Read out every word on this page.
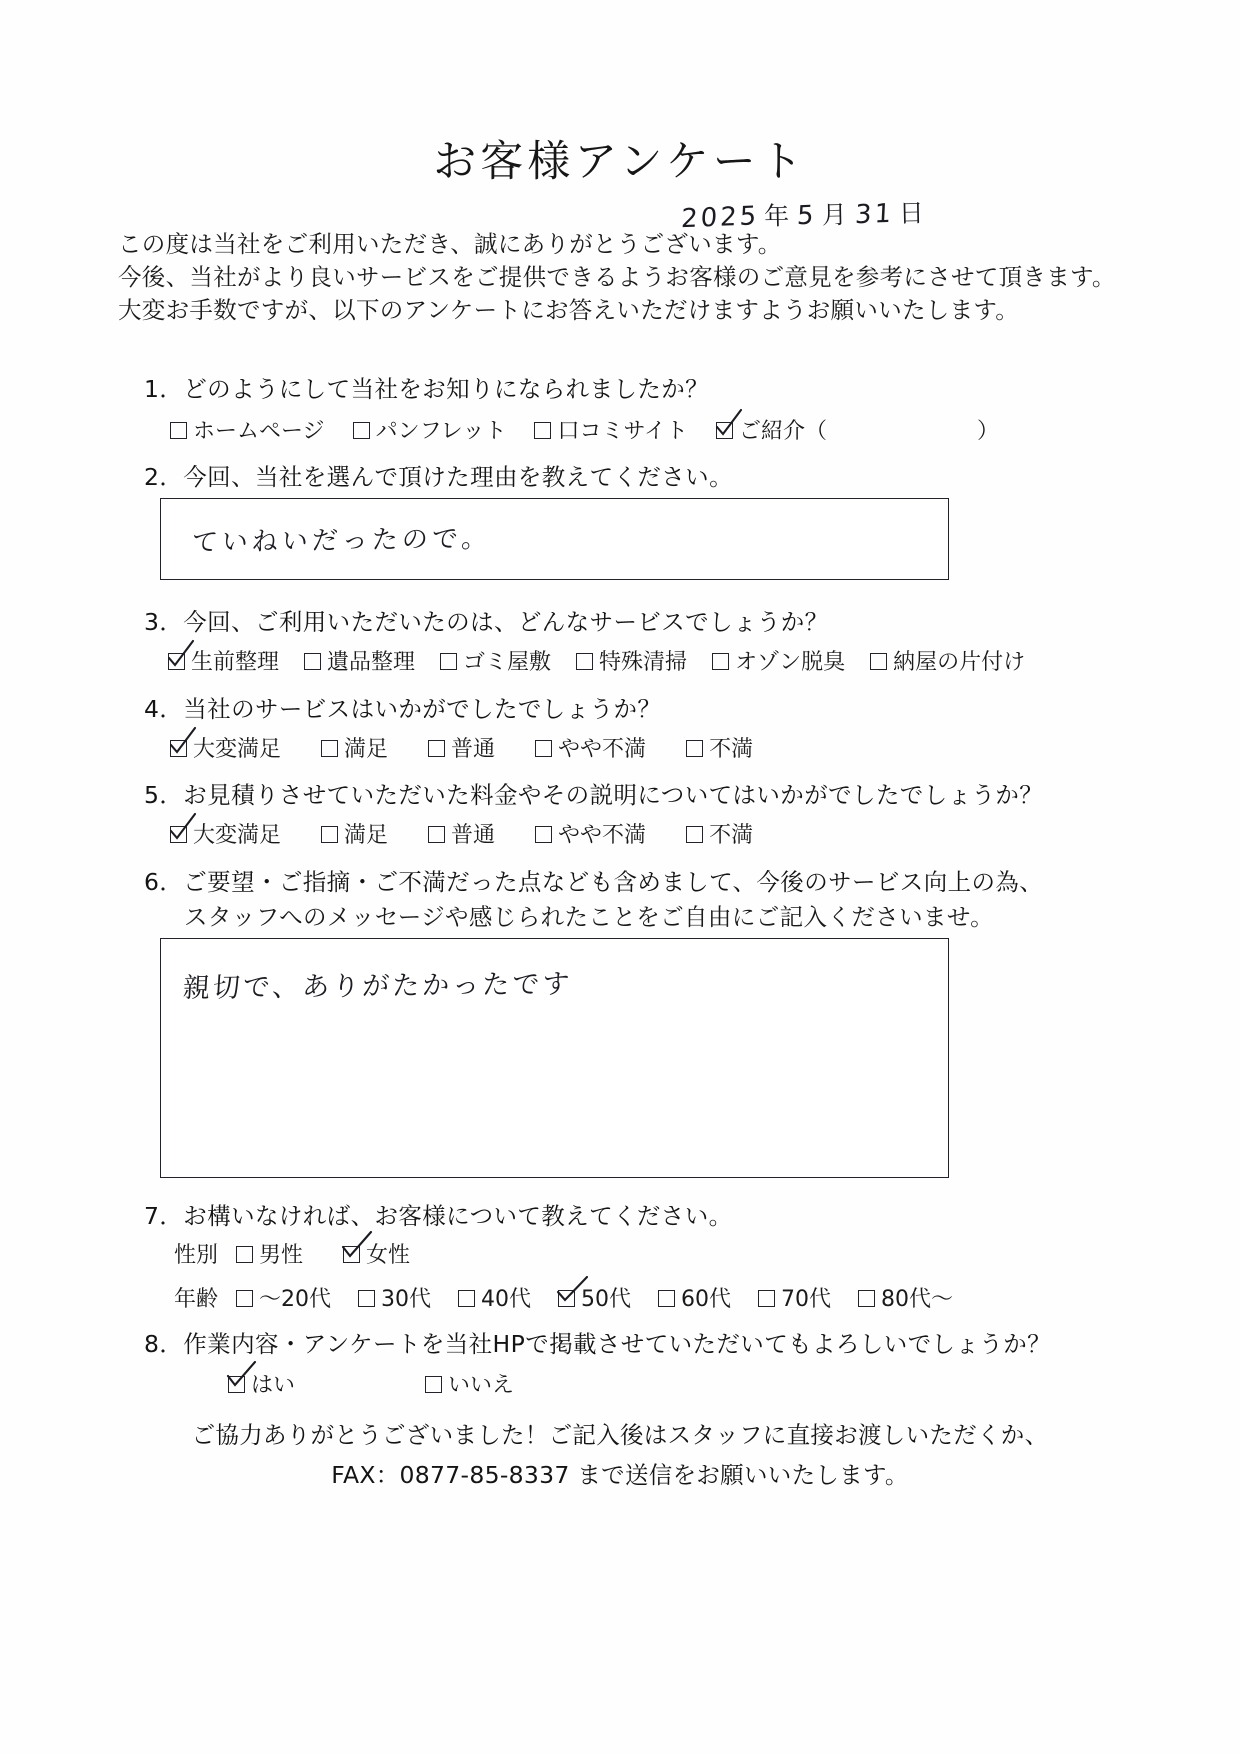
お客様アンケート
2025 年 5 月 31 日
この度は当社をご利用いただき、誠にありがとうございます。
今後、当社がより良いサービスをご提供できるようお客様のご意見を参考にさせて頂きます。
大変お手数ですが、以下のアンケートにお答えいただけますようお願いいたします。
1．どのようにして当社をお知りになられましたか？
ホームページ パンフレット 口コミサイト ご紹介（	）
2．今回、当社を選んで頂けた理由を教えてください。
ていねいだったので。
3．今回、ご利用いただいたのは、どんなサービスでしょうか？
生前整理 遺品整理 ゴミ屋敷 特殊清掃 オゾン脱臭 納屋の片付け
4．当社のサービスはいかがでしたでしょうか？
大変満足	満足	普通	やや不満	不満
5．お見積りさせていただいた料金やその説明についてはいかがでしたでしょうか？
大変満足	満足	普通	やや不満	不満
6．ご要望・ご指摘・ご不満だった点なども含めまして、今後のサービス向上の為、
スタッフへのメッセージや感じられたことをご自由にご記入くださいませ。
親切で、ありがたかったです
7．お構いなければ、お客様について教えてください。
性別 男性	女性
年齢 ～20代 30代 40代 50代 60代 70代 80代～
8．作業内容・アンケートを当社HPで掲載させていただいてもよろしいでしょうか？
はい	いいえ
ご協力ありがとうございました！ご記入後はスタッフに直接お渡しいただくか、
FAX：0877-85-8337 まで送信をお願いいたします。
